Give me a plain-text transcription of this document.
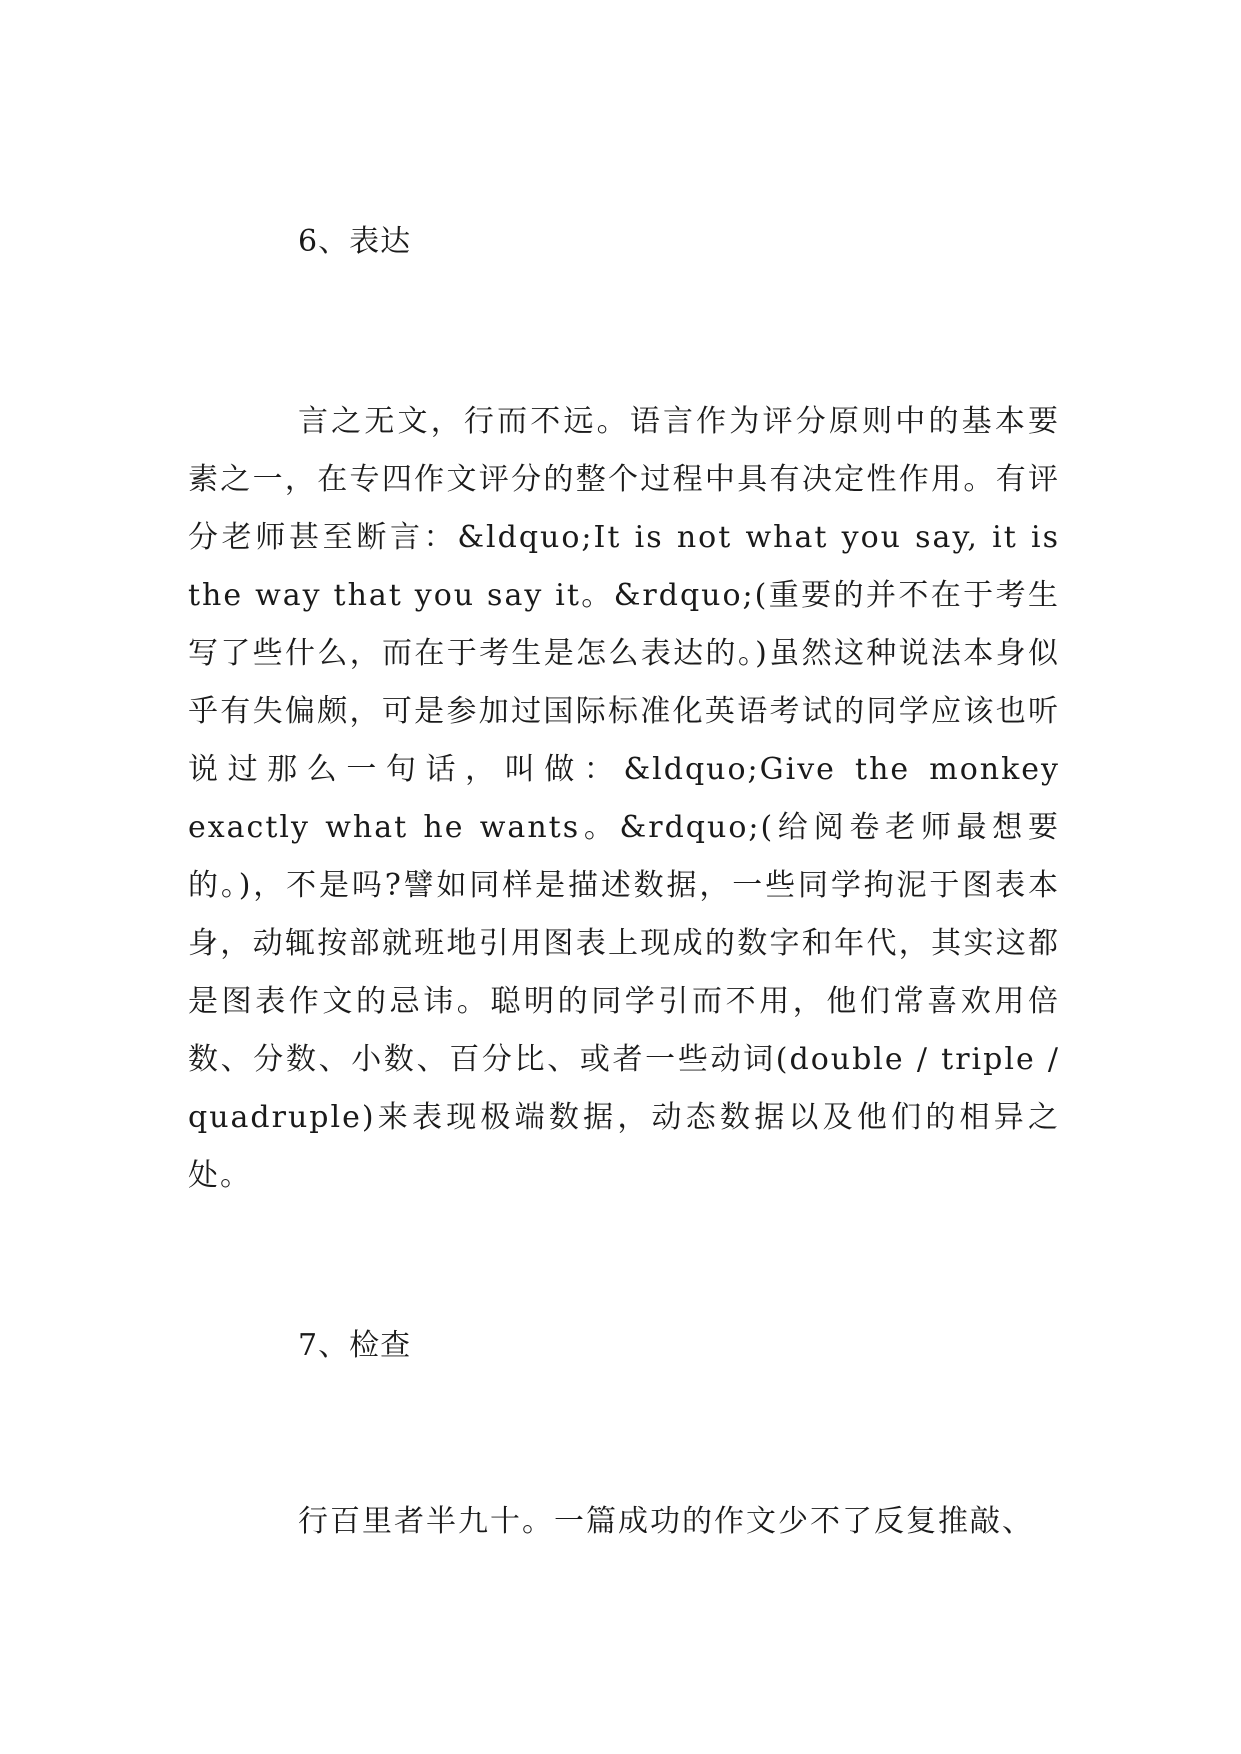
6、表达

言之无文，行而不远。语言作为评分原则中的基本要素之一，在专四作文评分的整个过程中具有决定性作用。有评分老师甚至断言：&ldquo;It is not what you say, it is the way that you say it。&rdquo;(重要的并不在于考生写了些什么，而在于考生是怎么表达的。)虽然这种说法本身似乎有失偏颇，可是参加过国际标准化英语考试的同学应该也听说过那么一句话，叫做：&ldquo;Give the monkey exactly what he wants。&rdquo;(给阅卷老师最想要的。)，不是吗?譬如同样是描述数据，一些同学拘泥于图表本身，动辄按部就班地引用图表上现成的数字和年代，其实这都是图表作文的忌讳。聪明的同学引而不用，他们常喜欢用倍数、分数、小数、百分比、或者一些动词(double / triple / quadruple)来表现极端数据，动态数据以及他们的相异之处。

7、检查

行百里者半九十。一篇成功的作文少不了反复推敲、
